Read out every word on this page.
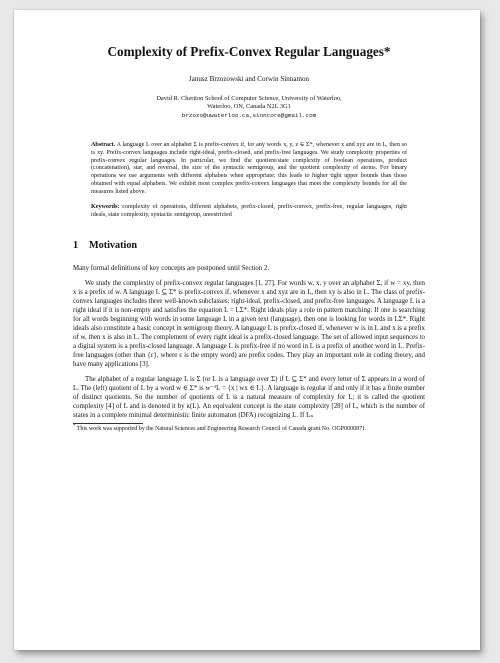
Complexity of Prefix-Convex Regular Languages*
Janusz Brzozowski and Corwin Sinnamon
David R. Cheriton School of Computer Science, University of Waterloo,
Waterloo, ON, Canada N2L 3G1
brzozo@uwaterloo.ca,sinncore@gmail.com

Abstract. A language L over an alphabet Σ is prefix-convex if, for any words x, y, z ∈ Σ*, whenever x and xyz are in L, then so is xy. Prefix-convex languages include right-ideal, prefix-closed, and prefix-free languages. We study complexity properties of prefix-convex regular languages. In particular, we find the quotient/state complexity of boolean operations, product (concatenation), star, and reversal, the size of the syntactic semigroup, and the quotient complexity of atoms. For binary operations we use arguments with different alphabets when appropriate; this leads to higher tight upper bounds than those obtained with equal alphabets. We exhibit most complex prefix-convex languages that meet the complexity bounds for all the measures listed above.

Keywords: complexity of operations, different alphabets, prefix-closed, prefix-convex, prefix-free, regular languages, right ideals, state complexity, syntactic semigroup, unrestricted

1 Motivation

Many formal definitions of key concepts are postponed until Section 2.

We study the complexity of prefix-convex regular languages [1, 27]. For words w, x, y over an alphabet Σ, if w = xy, then x is a prefix of w. A language L ⊆ Σ* is prefix-convex if, whenever x and xyz are in L, then xy is also in L. The class of prefix-convex languages includes three well-known subclasses: right-ideal, prefix-closed, and prefix-free languages. A language L is a right ideal if it is non-empty and satisfies the equation L = LΣ*. Right ideals play a role in pattern matching: If one is searching for all words beginning with words in some language L in a given text (language), then one is looking for words in LΣ*. Right ideals also constitute a basic concept in semigroup theory. A language L is prefix-closed if, whenever w is in L and x is a prefix of w, then x is also in L. The complement of every right ideal is a prefix-closed language. The set of allowed input sequences to a digital system is a prefix-closed language. A language L is prefix-free if no word in L is a prefix of another word in L. Prefix-free languages (other than {ε}, where ε is the empty word) are prefix codes. They play an important role in coding theory, and have many applications [3].

The alphabet of a regular language L is Σ (or L is a language over Σ) if L ⊆ Σ* and every letter of Σ appears in a word of L. The (left) quotient of L by a word w ∈ Σ* is w⁻¹L = {x | wx ∈ L}. A language is regular if and only if it has a finite number of distinct quotients. So the number of quotients of L is a natural measure of complexity for L; it is called the quotient complexity [4] of L and is denoted it by κ(L). An equivalent concept is the state complexity [28] of L, which is the number of states in a complete minimal deterministic finite automaton (DFA) recognizing L. If Lₙ

* This work was supported by the Natural Sciences and Engineering Research Council of Canada grant No. OGP0000871.
